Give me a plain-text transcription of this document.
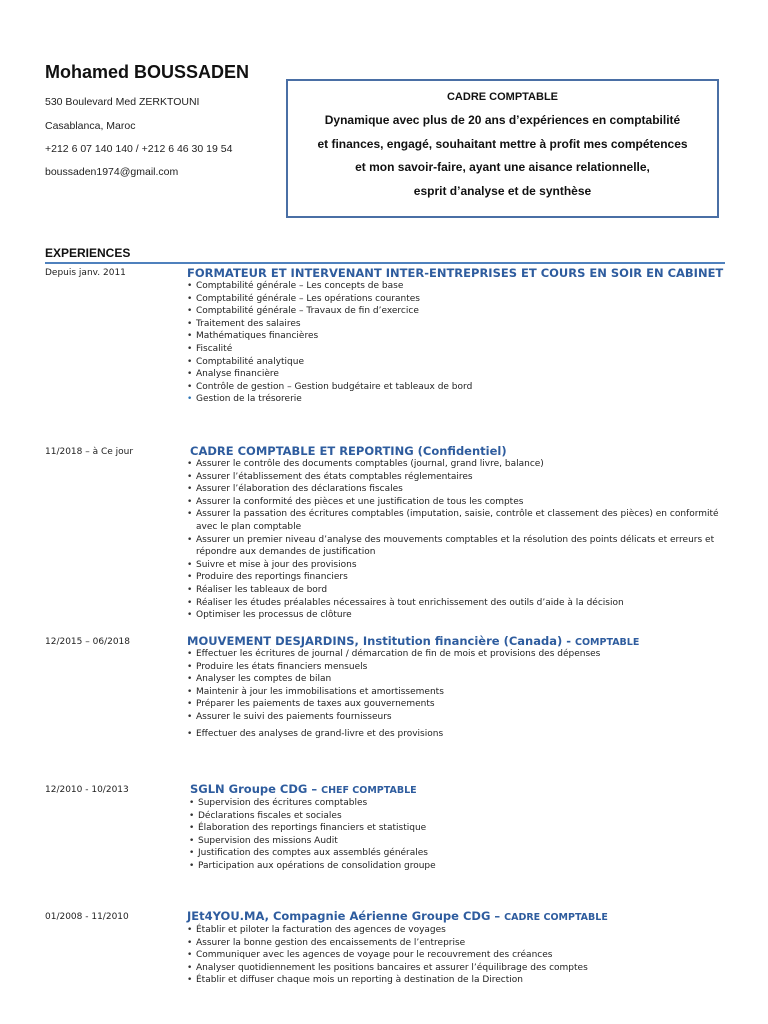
Mohamed BOUSSADEN
530 Boulevard Med ZERKTOUNI
Casablanca, Maroc
+212 6 07 140 140 / +212 6 46 30 19 54
boussaden1974@gmail.com
CADRE COMPTABLE
Dynamique avec plus de 20 ans d’expériences en comptabilité
et finances, engagé, souhaitant mettre à profit mes compétences
et mon savoir-faire, ayant une aisance relationnelle,
esprit d’analyse et de synthèse
EXPERIENCES
Depuis janv. 2011	FORMATEUR ET INTERVENANT INTER-ENTREPRISES ET COURS EN SOIR EN CABINET
• Comptabilité générale – Les concepts de base
• Comptabilité générale – Les opérations courantes
• Comptabilité générale – Travaux de fin d’exercice
• Traitement des salaires
• Mathématiques financières
• Fiscalité
• Comptabilité analytique
• Analyse financière
• Contrôle de gestion – Gestion budgétaire et tableaux de bord
• Gestion de la trésorerie
11/2018 – à Ce jour	CADRE COMPTABLE ET REPORTING (Confidentiel)
• Assurer le contrôle des documents comptables (journal, grand livre, balance)
• Assurer l’établissement des états comptables réglementaires
• Assurer l’élaboration des déclarations fiscales
• Assurer la conformité des pièces et une justification de tous les comptes
• Assurer la passation des écritures comptables (imputation, saisie, contrôle et classement des pièces) en conformité avec le plan comptable
• Assurer un premier niveau d’analyse des mouvements comptables et la résolution des points délicats et erreurs et répondre aux demandes de justification
• Suivre et mise à jour des provisions
• Produire des reportings financiers
• Réaliser les tableaux de bord
• Réaliser les études préalables nécessaires à tout enrichissement des outils d’aide à la décision
• Optimiser les processus de clôture
12/2015 – 06/2018	MOUVEMENT DESJARDINS, Institution financière (Canada) - COMPTABLE
• Effectuer les écritures de journal / démarcation de fin de mois et provisions des dépenses
• Produire les états financiers mensuels
• Analyser les comptes de bilan
• Maintenir à jour les immobilisations et amortissements
• Préparer les paiements de taxes aux gouvernements
• Assurer le suivi des paiements fournisseurs
• Effectuer des analyses de grand-livre et des provisions
12/2010 - 10/2013	SGLN Groupe CDG – CHEF COMPTABLE
• Supervision des écritures comptables
• Déclarations fiscales et sociales
• Élaboration des reportings financiers et statistique
• Supervision des missions Audit
• Justification des comptes aux assemblés générales
• Participation aux opérations de consolidation groupe
01/2008 - 11/2010	JEt4YOU.MA, Compagnie Aérienne Groupe CDG – CADRE COMPTABLE
• Établir et piloter la facturation des agences de voyages
• Assurer la bonne gestion des encaissements de l’entreprise
• Communiquer avec les agences de voyage pour le recouvrement des créances
• Analyser quotidiennement les positions bancaires et assurer l’équilibrage des comptes
• Établir et diffuser chaque mois un reporting à destination de la Direction
